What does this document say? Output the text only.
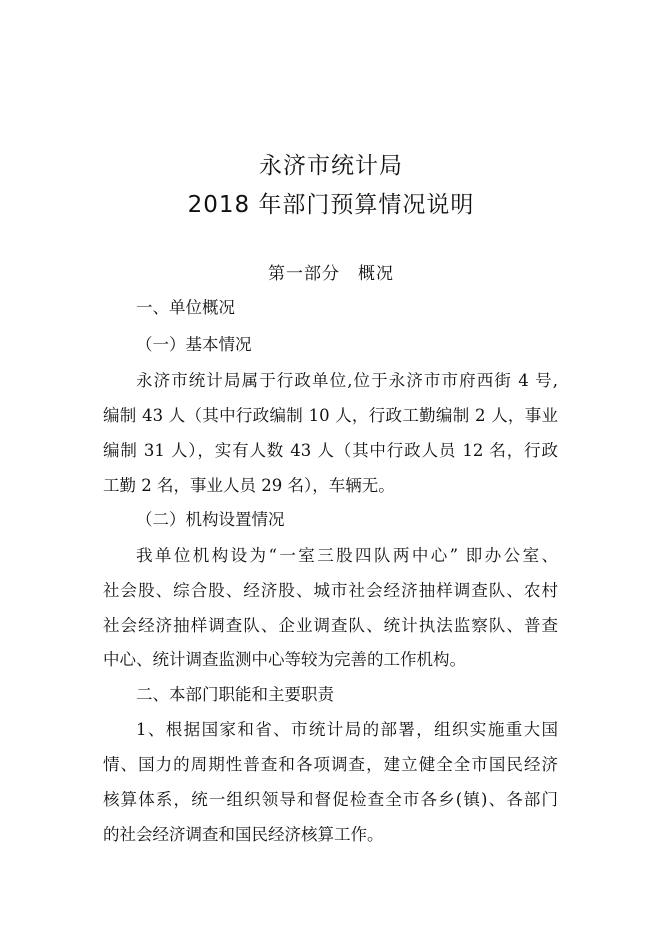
永济市统计局
2018 年部门预算情况说明
第一部分　概况
一、单位概况
（一）基本情况
永济市统计局属于行政单位,位于永济市市府西街 4 号,
编制 43 人（其中行政编制 10 人，行政工勤编制 2 人，事业
编制 31 人），实有人数 43 人（其中行政人员 12 名，行政
工勤 2 名，事业人员 29 名），车辆无。
（二）机构设置情况
我单位机构设为“一室三股四队两中心” 即办公室、
社会股、综合股、经济股、城市社会经济抽样调查队、农村
社会经济抽样调查队、企业调查队、统计执法监察队、普查
中心、统计调查监测中心等较为完善的工作机构。
二、本部门职能和主要职责
1、根据国家和省、市统计局的部署，组织实施重大国
情、国力的周期性普查和各项调查，建立健全全市国民经济
核算体系，统一组织领导和督促检查全市各乡(镇)、各部门
的社会经济调查和国民经济核算工作。
